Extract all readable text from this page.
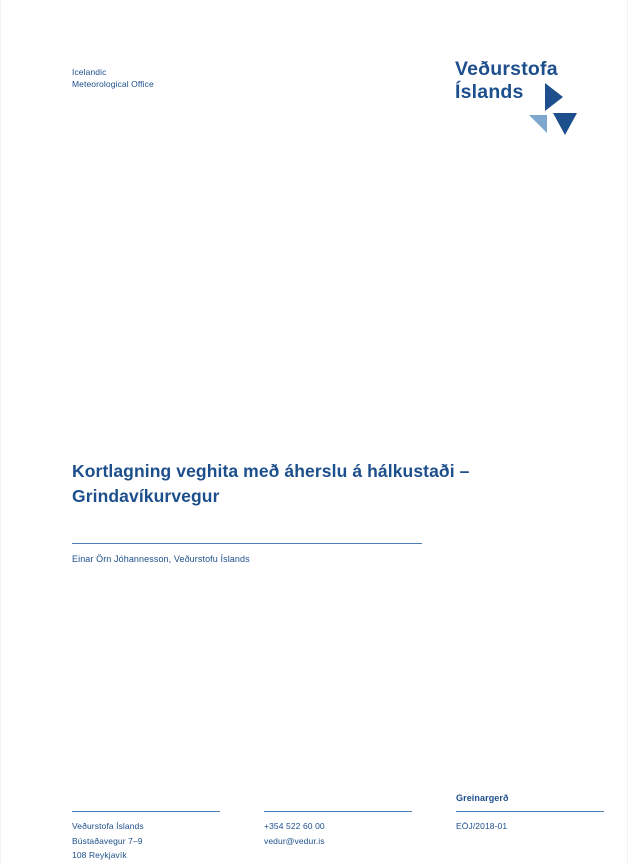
Icelandic
Meteorological Office
Veðurstofa
Íslands
Kortlagning veghita með áherslu á hálkustaði – Grindavíkurvegur
Einar Örn Jóhannesson, Veðurstofu Íslands
Greinargerð
Veðurstofa Íslands
Bústaðavegur 7–9
108 Reykjavík
+354 522 60 00
vedur@vedur.is
EÖJ/2018-01
